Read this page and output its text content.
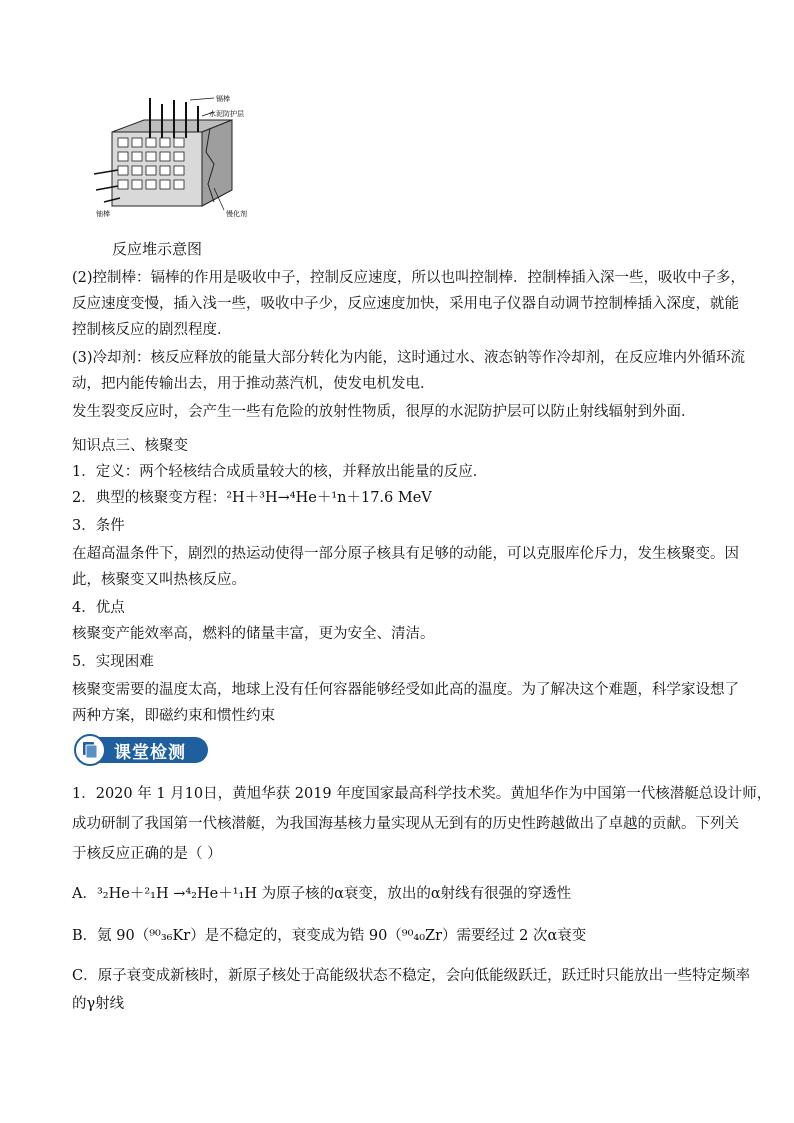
镉棒
水泥防护层
慢化剂
铀棒
反应堆示意图
(2)控制棒：镉棒的作用是吸收中子，控制反应速度，所以也叫控制棒．控制棒插入深一些，吸收中子多，
反应速度变慢，插入浅一些，吸收中子少，反应速度加快，采用电子仪器自动调节控制棒插入深度，就能
控制核反应的剧烈程度．
(3)冷却剂：核反应释放的能量大部分转化为内能，这时通过水、液态钠等作冷却剂，在反应堆内外循环流
动，把内能传输出去，用于推动蒸汽机，使发电机发电．
发生裂变反应时，会产生一些有危险的放射性物质，很厚的水泥防护层可以防止射线辐射到外面．
知识点三、核聚变
1．定义：两个轻核结合成质量较大的核，并释放出能量的反应．
2．典型的核聚变方程：²H＋³H→⁴He＋¹n＋17.6 MeV
3．条件
在超高温条件下，剧烈的热运动使得一部分原子核具有足够的动能，可以克服库伦斥力，发生核聚变。因
此，核聚变又叫热核反应。
4．优点
核聚变产能效率高，燃料的储量丰富，更为安全、清洁。
5．实现困难
核聚变需要的温度太高，地球上没有任何容器能够经受如此高的温度。为了解决这个难题，科学家设想了
两种方案，即磁约束和惯性约束
课堂检测
1．2020 年 1 月10日，黄旭华获 2019 年度国家最高科学技术奖。黄旭华作为中国第一代核潜艇总设计师，
成功研制了我国第一代核潜艇，为我国海基核力量实现从无到有的历史性跨越做出了卓越的贡献。下列关
于核反应正确的是（ ）
A．³₂He＋²₁H →⁴₂He＋¹₁H 为原子核的α衰变，放出的α射线有很强的穿透性
B．氪 90（⁹⁰₃₆Kr）是不稳定的，衰变成为锆 90（⁹⁰₄₀Zr）需要经过 2 次α衰变
C．原子衰变成新核时，新原子核处于高能级状态不稳定，会向低能级跃迁，跃迁时只能放出一些特定频率
的γ射线
